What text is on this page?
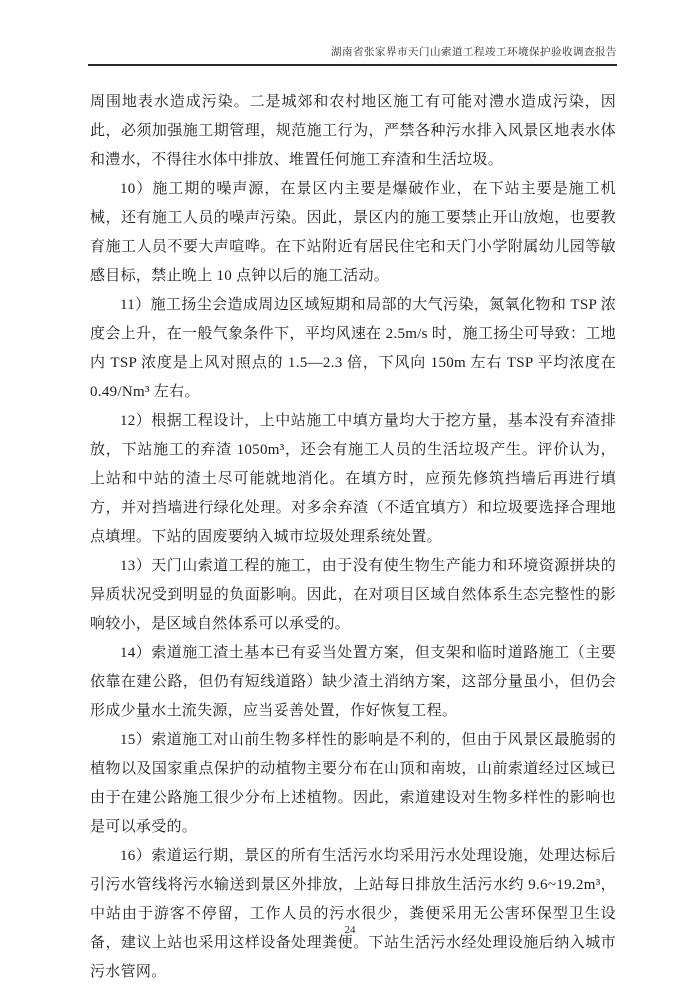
湖南省张家界市天门山索道工程竣工环境保护验收调查报告

周围地表水造成污染。二是城郊和农村地区施工有可能对澧水造成污染，因此，必须加强施工期管理，规范施工行为，严禁各种污水排入风景区地表水体和澧水，不得往水体中排放、堆置任何施工弃渣和生活垃圾。

10）施工期的噪声源，在景区内主要是爆破作业，在下站主要是施工机械，还有施工人员的噪声污染。因此，景区内的施工要禁止开山放炮，也要教育施工人员不要大声喧哗。在下站附近有居民住宅和天门小学附属幼儿园等敏感目标，禁止晚上 10 点钟以后的施工活动。

11）施工扬尘会造成周边区域短期和局部的大气污染，氮氧化物和 TSP 浓度会上升，在一般气象条件下，平均风速在 2.5m/s 时，施工扬尘可导致：工地内 TSP 浓度是上风对照点的 1.5—2.3 倍，下风向 150m 左右 TSP 平均浓度在 0.49/Nm³ 左右。

12）根据工程设计，上中站施工中填方量均大于挖方量，基本没有弃渣排放，下站施工的弃渣 1050m³，还会有施工人员的生活垃圾产生。评价认为，上站和中站的渣土尽可能就地消化。在填方时，应预先修筑挡墙后再进行填方，并对挡墙进行绿化处理。对多余弃渣（不适宜填方）和垃圾要选择合理地点填埋。下站的固废要纳入城市垃圾处理系统处置。

13）天门山索道工程的施工，由于没有使生物生产能力和环境资源拼块的异质状况受到明显的负面影响。因此，在对项目区域自然体系生态完整性的影响较小，是区域自然体系可以承受的。

14）索道施工渣土基本已有妥当处置方案，但支架和临时道路施工（主要依靠在建公路，但仍有短线道路）缺少渣土消纳方案，这部分量虽小，但仍会形成少量水土流失源，应当妥善处置，作好恢复工程。

15）索道施工对山前生物多样性的影响是不利的，但由于风景区最脆弱的植物以及国家重点保护的动植物主要分布在山顶和南坡，山前索道经过区域已由于在建公路施工很少分布上述植物。因此，索道建设对生物多样性的影响也是可以承受的。

16）索道运行期，景区的所有生活污水均采用污水处理设施，处理达标后引污水管线将污水输送到景区外排放，上站每日排放生活污水约 9.6~19.2m³，中站由于游客不停留，工作人员的污水很少，粪便采用无公害环保型卫生设备，建议上站也采用这样设备处理粪便。下站生活污水经处理设施后纳入城市污水管网。

24
